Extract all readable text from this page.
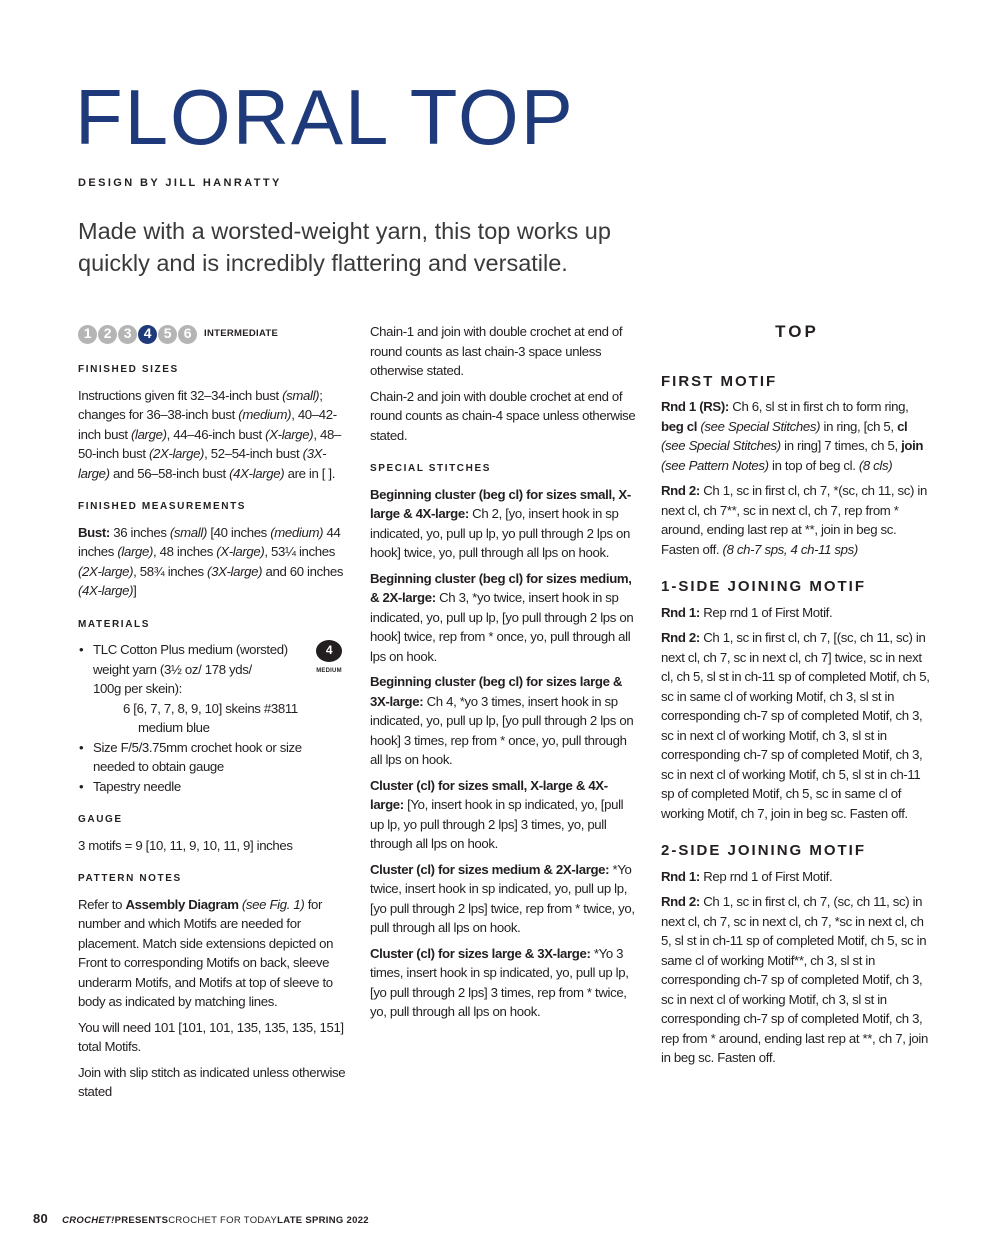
FLORAL TOP
DESIGN BY JILL HANRATTY
Made with a worsted-weight yarn, this top works up quickly and is incredibly flattering and versatile.
1 2 3 4 5 6	INTERMEDIATE
FINISHED SIZES

Instructions given fit 32–34-inch bust (small); changes for 36–38-inch bust (medium), 40–42-inch bust (large), 44–46-inch bust (X-large), 48–50-inch bust (2X-large), 52–54-inch bust (3X-large) and 56–58-inch bust (4X-large) are in [ ].

FINISHED MEASUREMENTS

Bust: 36 inches (small) [40 inches (medium) 44 inches (large), 48 inches (X-large), 53¼ inches (2X-large), 58¾ inches (3X-large) and 60 inches (4X-large)]

MATERIALS
4
MEDIUM
• TLC Cotton Plus medium (worsted)
weight yarn (3½ oz/ 178 yds/
100g per skein):
6 [6, 7, 7, 8, 9, 10] skeins #3811
medium blue
• Size F/5/3.75mm crochet hook or size
needed to obtain gauge
• Tapestry needle
GAUGE

3 motifs = 9 [10, 11, 9, 10, 11, 9] inches

PATTERN NOTES

Refer to Assembly Diagram (see Fig. 1) for number and which Motifs are needed for placement. Match side extensions depicted on Front to corresponding Motifs on back, sleeve underarm Motifs, and Motifs at top of sleeve to body as indicated by matching lines.

You will need 101 [101, 101, 135, 135, 135, 151] total Motifs.

Join with slip stitch as indicated unless otherwise stated

Chain-1 and join with double crochet at end of round counts as last chain-3 space unless otherwise stated.

Chain-2 and join with double crochet at end of round counts as chain-4 space unless otherwise stated.

SPECIAL STITCHES

Beginning cluster (beg cl) for sizes small, X-large & 4X-large: Ch 2, [yo, insert hook in sp indicated, yo, pull up lp, yo pull through 2 lps on hook] twice, yo, pull through all lps on hook.

Beginning cluster (beg cl) for sizes medium, & 2X-large: Ch 3, *yo twice, insert hook in sp indicated, yo, pull up lp, [yo pull through 2 lps on hook] twice, rep from * once, yo, pull through all lps on hook.

Beginning cluster (beg cl) for sizes large & 3X-large: Ch 4, *yo 3 times, insert hook in sp indicated, yo, pull up lp, [yo pull through 2 lps on hook] 3 times, rep from * once, yo, pull through all lps on hook.

Cluster (cl) for sizes small, X-large & 4X-large: [Yo, insert hook in sp indicated, yo, [pull up lp, yo pull through 2 lps] 3 times, yo, pull through all lps on hook.

Cluster (cl) for sizes medium & 2X-large: *Yo twice, insert hook in sp indicated, yo, pull up lp, [yo pull through 2 lps] twice, rep from * twice, yo, pull through all lps on hook.

Cluster (cl) for sizes large & 3X-large: *Yo 3 times, insert hook in sp indicated, yo, pull up lp, [yo pull through 2 lps] 3 times, rep from * twice, yo, pull through all lps on hook.

TOP
FIRST MOTIF

Rnd 1 (RS): Ch 6, sl st in first ch to form ring, beg cl (see Special Stitches) in ring, [ch 5, cl (see Special Stitches) in ring] 7 times, ch 5, join (see Pattern Notes) in top of beg cl. (8 cls)

Rnd 2: Ch 1, sc in first cl, ch 7, *(sc, ch 11, sc) in next cl, ch 7**, sc in next cl, ch 7, rep from * around, ending last rep at **, join in beg sc. Fasten off. (8 ch-7 sps, 4 ch-11 sps)

1-SIDE JOINING MOTIF

Rnd 1: Rep rnd 1 of First Motif.

Rnd 2: Ch 1, sc in first cl, ch 7, [(sc, ch 11, sc) in next cl, ch 7, sc in next cl, ch 7] twice, sc in next cl, ch 5, sl st in ch-11 sp of completed Motif, ch 5, sc in same cl of working Motif, ch 3, sl st in corresponding ch-7 sp of completed Motif, ch 3, sc in next cl of working Motif, ch 3, sl st in corresponding ch-7 sp of completed Motif, ch 3, sc in next cl of working Motif, ch 5, sl st in ch-11 sp of completed Motif, ch 5, sc in same cl of working Motif, ch 7, join in beg sc. Fasten off.

2-SIDE JOINING MOTIF

Rnd 1: Rep rnd 1 of First Motif.

Rnd 2: Ch 1, sc in first cl, ch 7, (sc, ch 11, sc) in next cl, ch 7, sc in next cl, ch 7, *sc in next cl, ch 5, sl st in ch-11 sp of completed Motif, ch 5, sc in same cl of working Motif**, ch 3, sl st in corresponding ch-7 sp of completed Motif, ch 3, sc in next cl of working Motif, ch 3, sl st in corresponding ch-7 sp of completed Motif, ch 3, rep from * around, ending last rep at **, ch 7, join in beg sc. Fasten off.

80 CROCHET! PRESENTS CROCHET FOR TODAY LATE SPRING 2022
